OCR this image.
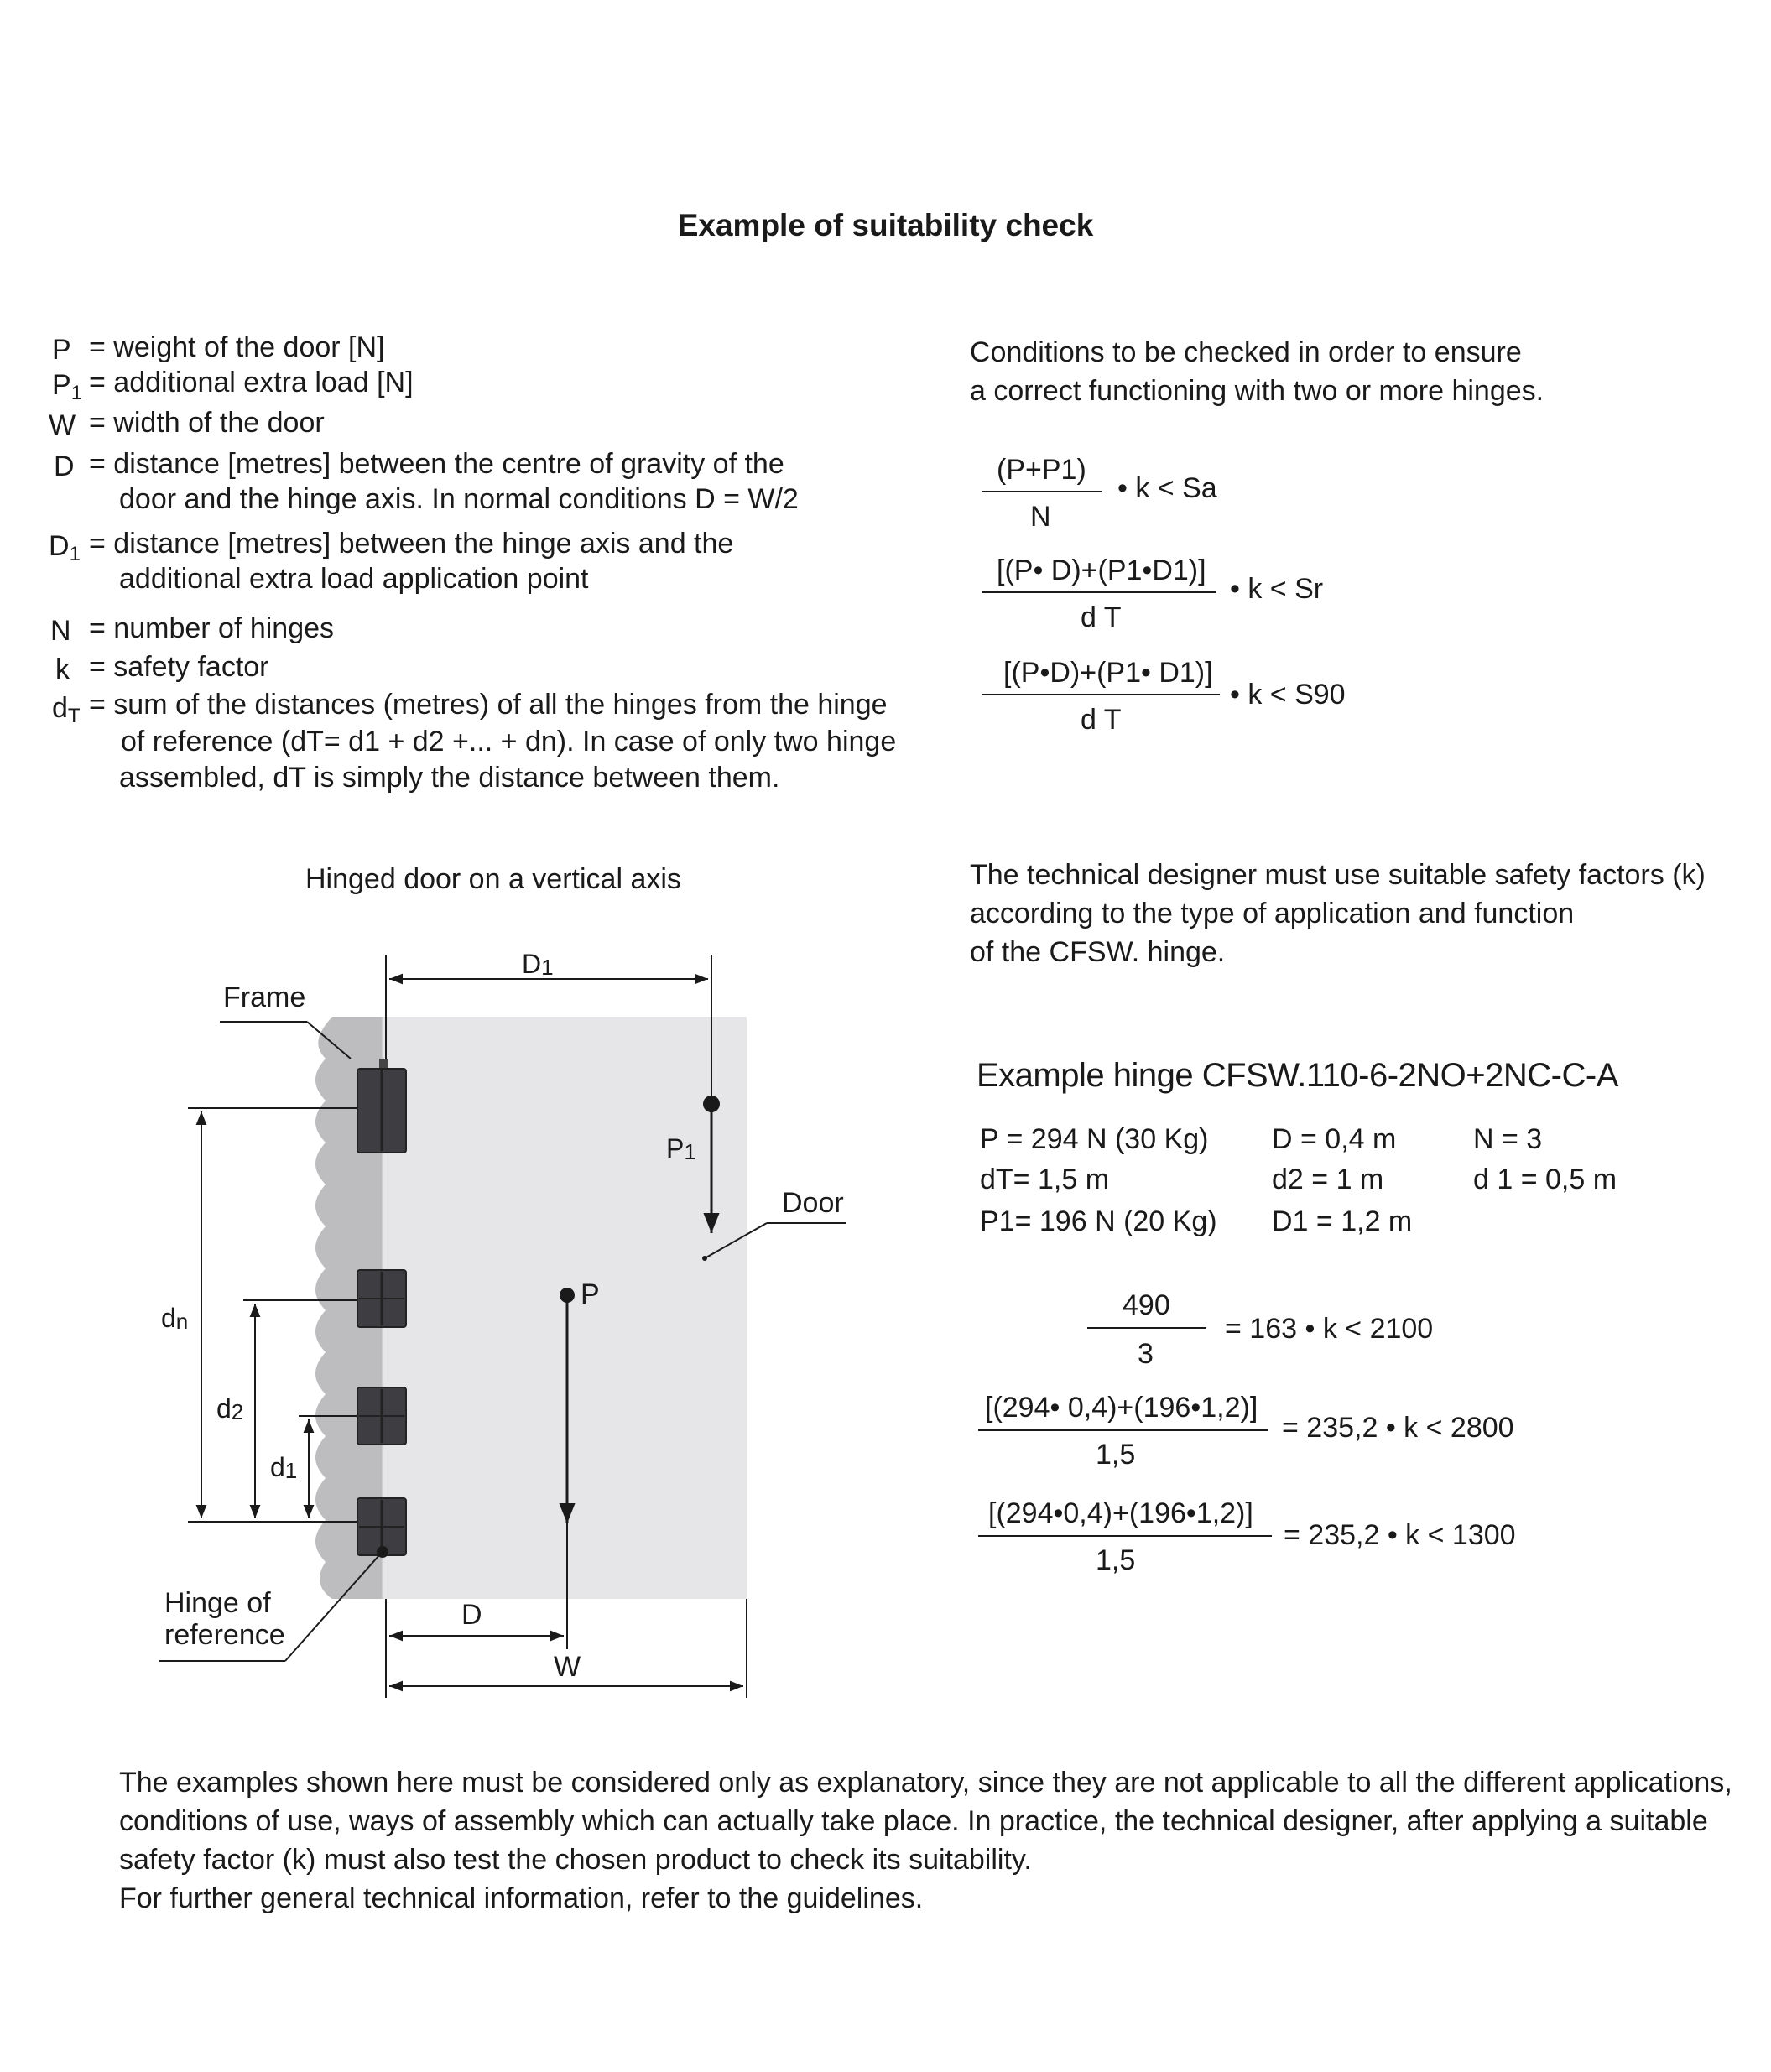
Example of suitability check
P = weight of the door [N]
$P_1$ = additional extra load [N]
W = width of the door
D = distance [metres] between the centre of gravity of the
door and the hinge axis. In normal conditions D = W/2
$D_1$ = distance [metres] between the hinge axis and the
additional extra load application point
N = number of hinges
k = safety factor
$d_T$ = sum of the distances (metres) of all the hinges from the hinge
of reference (dT= d1 + d2 +... + dn). In case of only two hinge
assembled, dT is simply the distance between them.
Conditions to be checked in order to ensure
a correct functioning with two or more hinges.
(P+P1)
N
• k < Sa
[(P• D)+(P1•D1)]
d T
• k < Sr
[(P•D)+(P1• D1)]
d T
• k < S90
The technical designer must use suitable safety factors (k)
according to the type of application and function
of the CFSW. hinge.
Example hinge CFSW.110-6-2NO+2NC-C-A
P = 294 N (30 Kg)
dT= 1,5 m
P1= 196 N (20 Kg)
D = 0,4 m
d2 = 1 m
D1 = 1,2 m
N = 3
d 1 = 0,5 m
490
3
= 163 • k < 2100
[(294• 0,4)+(196•1,2)]
1,5
= 235,2 • k < 2800
[(294•0,4)+(196•1,2)]
1,5
= 235,2 • k < 1300
Hinged door on a vertical axis
D1
P1
P
Door
Frame
Hinge of
reference
dn
d2
d1
D
W
The examples shown here must be considered only as explanatory, since they are not applicable to all the different applications,
conditions of use, ways of assembly which can actually take place. In practice, the technical designer, after applying a suitable
safety factor (k) must also test the chosen product to check its suitability.
For further general technical information, refer to the guidelines.
